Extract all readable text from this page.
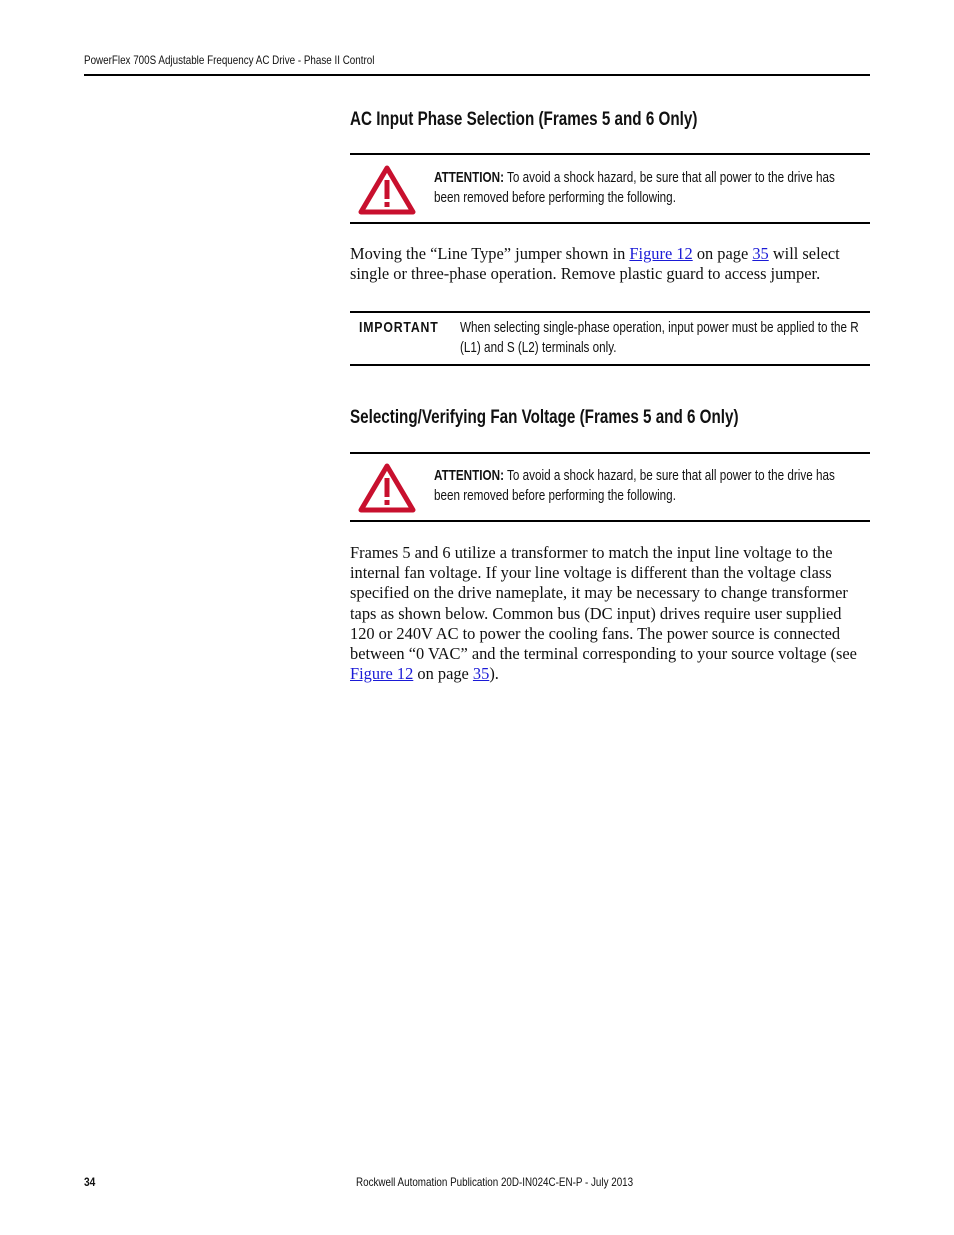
PowerFlex 700S Adjustable Frequency AC Drive - Phase II Control
AC Input Phase Selection (Frames 5 and 6 Only)
ATTENTION: To avoid a shock hazard, be sure that all power to the drive has been removed before performing the following.
Moving the “Line Type” jumper shown in Figure 12 on page 35 will select single or three-phase operation. Remove plastic guard to access jumper.
IMPORTANT When selecting single-phase operation, input power must be applied to the R (L1) and S (L2) terminals only.
Selecting/Verifying Fan Voltage (Frames 5 and 6 Only)
ATTENTION: To avoid a shock hazard, be sure that all power to the drive has been removed before performing the following.
Frames 5 and 6 utilize a transformer to match the input line voltage to the internal fan voltage. If your line voltage is different than the voltage class specified on the drive nameplate, it may be necessary to change transformer taps as shown below. Common bus (DC input) drives require user supplied 120 or 240V AC to power the cooling fans. The power source is connected between “0 VAC” and the terminal corresponding to your source voltage (see Figure 12 on page 35).
34	Rockwell Automation Publication 20D-IN024C-EN-P - July 2013
